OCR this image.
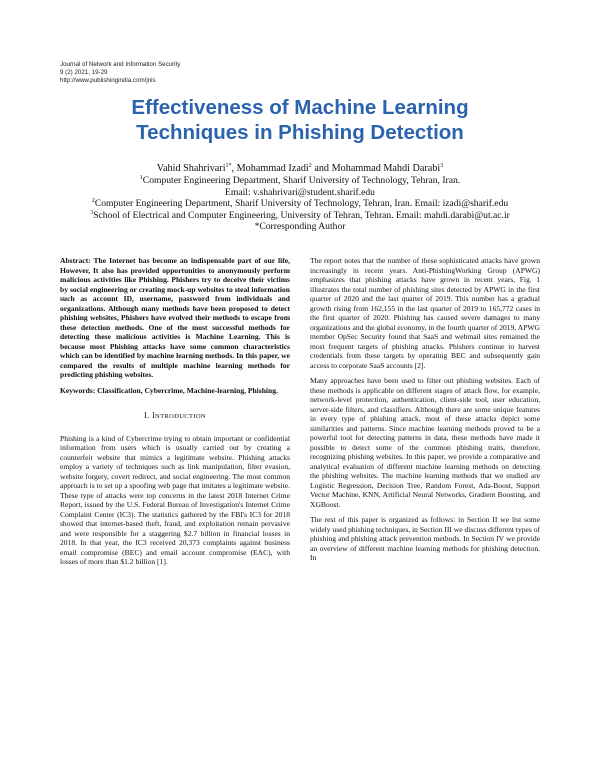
Journal of Network and Information Security
9 (2) 2021, 19-29
http://www.publishingindia.com/jnis
Effectiveness of Machine Learning
Techniques in Phishing Detection
Vahid Shahrivari$^{1*}$, Mohammad Izadi$^2$ and Mohammad Mahdi Darabi$^3$
$^1$Computer Engineering Department, Sharif University of Technology, Tehran, Iran.
Email: v.shahrivari@student.sharif.edu
$^2$Computer Engineering Department, Sharif University of Technology, Tehran, Iran. Email: izadi@sharif.edu
$^3$School of Electrical and Computer Engineering, University of Tehran, Tehran. Email: mahdi.darabi@ut.ac.ir
*Corresponding Author

Abstract: The Internet has become an indispensable part of our life, However, It also has provided opportunities to anonymously perform malicious activities like Phishing. Phishers try to deceive their victims by social engineering or creating mock-up websites to steal information such as account ID, username, password from individuals and organizations. Although many methods have been proposed to detect phishing websites, Phishers have evolved their methods to escape from these detection methods. One of the most successful methods for detecting these malicious activities is Machine Learning. This is because most Phishing attacks have some common characteristics which can be identified by machine learning methods. In this paper, we compared the results of multiple machine learning methods for predicting phishing websites.

Keywords: Classification, Cybercrime, Machine-learning, Phishing.

I. INTRODUCTION

Phishing is a kind of Cybercrime trying to obtain important or confidential information from users which is usually carried out by creating a counterfeit website that mimics a legitimate website. Phishing attacks employ a variety of techniques such as link manipulation, filter evasion, website forgery, covert redirect, and social engineering. The most common approach is to set up a spoofing web page that imitates a legitimate website. These type of attacks were top concerns in the latest 2018 Internet Crime Report, issued by the U.S. Federal Bureau of Investigation's Internet Crime Complaint Center (IC3). The statistics gathered by the FBI's IC3 for 2018 showed that internet-based theft, fraud, and exploitation remain pervasive and were responsible for a staggering $2.7 billion in financial losses in 2018. In that year, the IC3 received 20,373 complaints against business email compromise (BEC) and email account compromise (EAC), with losses of more than $1.2 billion [1].

The report notes that the number of these sophisticated attacks have grown increasingly in recent years. Anti-PhishingWorking Group (APWG) emphasizes that phishing attacks have grown in recent years, Fig. 1 illustrates the total number of phishing sites detected by APWG in the first quarter of 2020 and the last quarter of 2019. This number has a gradual growth rising from 162,155 in the last quarter of 2019 to 165,772 cases in the first quarter of 2020. Phishing has caused severe damages to many organizations and the global economy, in the fourth quarter of 2019, APWG member OpSec Security found that SaaS and webmail sites remained the most frequent targets of phishing attacks. Phishers continue to harvest credentials from these targets by operating BEC and subsequently gain access to corporate SaaS accounts [2].

Many approaches have been used to filter out phishing websites. Each of these methods is applicable on different stages of attack flow, for example, network-level protection, authentication, client-side tool, user education, server-side filters, and classifiers. Although there are some unique features in every type of phishing attack, most of these attacks depict some similarities and patterns. Since machine learning methods proved to be a powerful tool for detecting patterns in data, these methods have made it possible to detect some of the common phishing traits, therefore, recognizing phishing websites. In this paper, we provide a comparative and analytical evaluation of different machine learning methods on detecting the phishing websites. The machine learning methods that we studied are Logistic Regression, Decision Tree, Random Forest, Ada-Boost, Support Vector Machine, KNN, Artificial Neural Networks, Gradient Boosting, and XGBoost.

The rest of this paper is organized as follows: in Section II we list some widely used phishing techniques, in Section III we discuss different types of phishing and phishing attack prevention methods. In Section IV we provide an overview of different machine learning methods for phishing detection. In
